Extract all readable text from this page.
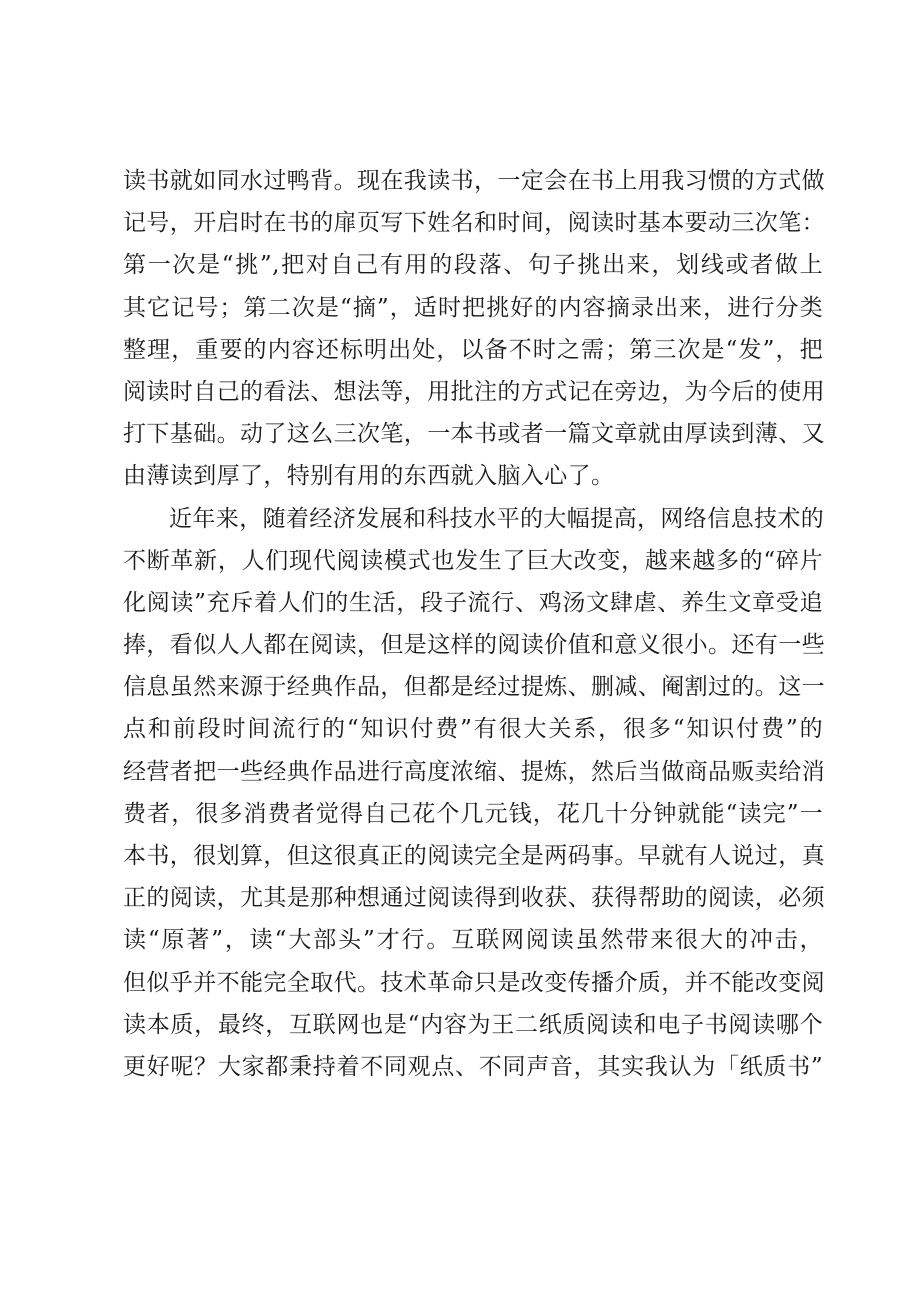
读书就如同水过鸭背。现在我读书，一定会在书上用我习惯的方式做
记号，开启时在书的扉页写下姓名和时间，阅读时基本要动三次笔：
第一次是“挑”,把对自己有用的段落、句子挑出来，划线或者做上
其它记号；第二次是“摘”，适时把挑好的内容摘录出来，进行分类
整理，重要的内容还标明出处，以备不时之需；第三次是“发”，把
阅读时自己的看法、想法等，用批注的方式记在旁边，为今后的使用
打下基础。动了这么三次笔，一本书或者一篇文章就由厚读到薄、又
由薄读到厚了，特别有用的东西就入脑入心了。
近年来，随着经济发展和科技水平的大幅提高，网络信息技术的
不断革新，人们现代阅读模式也发生了巨大改变，越来越多的“碎片
化阅读”充斥着人们的生活，段子流行、鸡汤文肆虐、养生文章受追
捧，看似人人都在阅读，但是这样的阅读价值和意义很小。还有一些
信息虽然来源于经典作品，但都是经过提炼、删减、阉割过的。这一
点和前段时间流行的“知识付费”有很大关系，很多“知识付费”的
经营者把一些经典作品进行高度浓缩、提炼，然后当做商品贩卖给消
费者，很多消费者觉得自己花个几元钱，花几十分钟就能“读完”一
本书，很划算，但这很真正的阅读完全是两码事。早就有人说过，真
正的阅读，尤其是那种想通过阅读得到收获、获得帮助的阅读，必须
读“原著”，读“大部头”才行。互联网阅读虽然带来很大的冲击，
但似乎并不能完全取代。技术革命只是改变传播介质，并不能改变阅
读本质，最终，互联网也是“内容为王二纸质阅读和电子书阅读哪个
更好呢？大家都秉持着不同观点、不同声音，其实我认为「纸质书”
